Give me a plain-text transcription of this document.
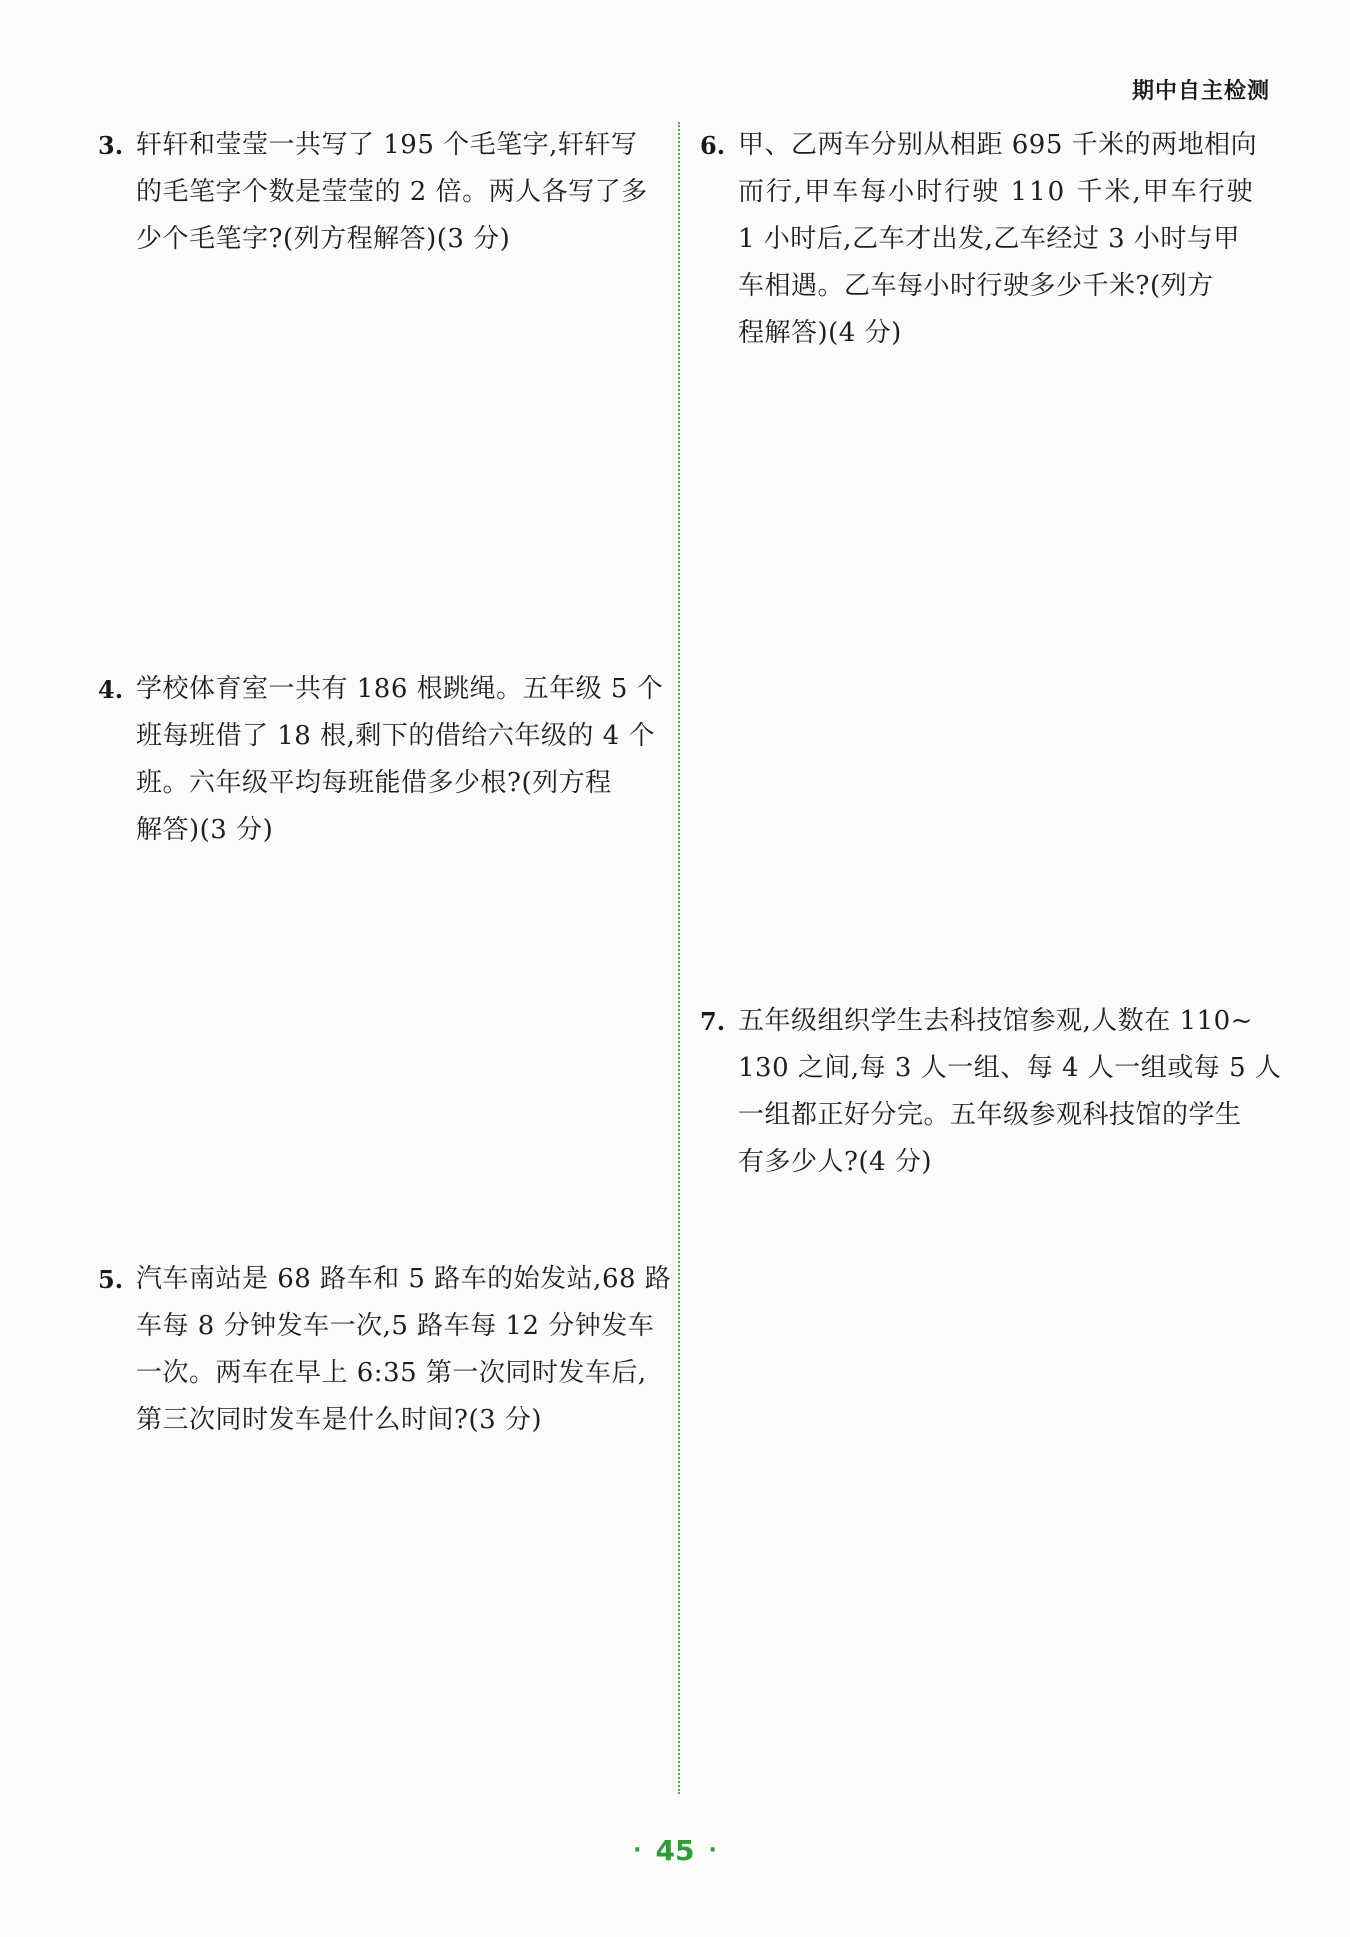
期中自主检测
3. 轩轩和莹莹一共写了 195 个毛笔字,轩轩写
的毛笔字个数是莹莹的 2 倍。两人各写了多
少个毛笔字?(列方程解答)(3 分)
4. 学校体育室一共有 186 根跳绳。五年级 5 个
班每班借了 18 根,剩下的借给六年级的 4 个
班。六年级平均每班能借多少根?(列方程
解答)(3 分)
5. 汽车南站是 68 路车和 5 路车的始发站,68 路
车每 8 分钟发车一次,5 路车每 12 分钟发车
一次。两车在早上 6:35 第一次同时发车后,
第三次同时发车是什么时间?(3 分)
6. 甲、乙两车分别从相距 695 千米的两地相向
而行,甲车每小时行驶 110 千米,甲车行驶
1 小时后,乙车才出发,乙车经过 3 小时与甲
车相遇。乙车每小时行驶多少千米?(列方
程解答)(4 分)
7. 五年级组织学生去科技馆参观,人数在 110~
130 之间,每 3 人一组、每 4 人一组或每 5 人
一组都正好分完。五年级参观科技馆的学生
有多少人?(4 分)
· 45 ·
